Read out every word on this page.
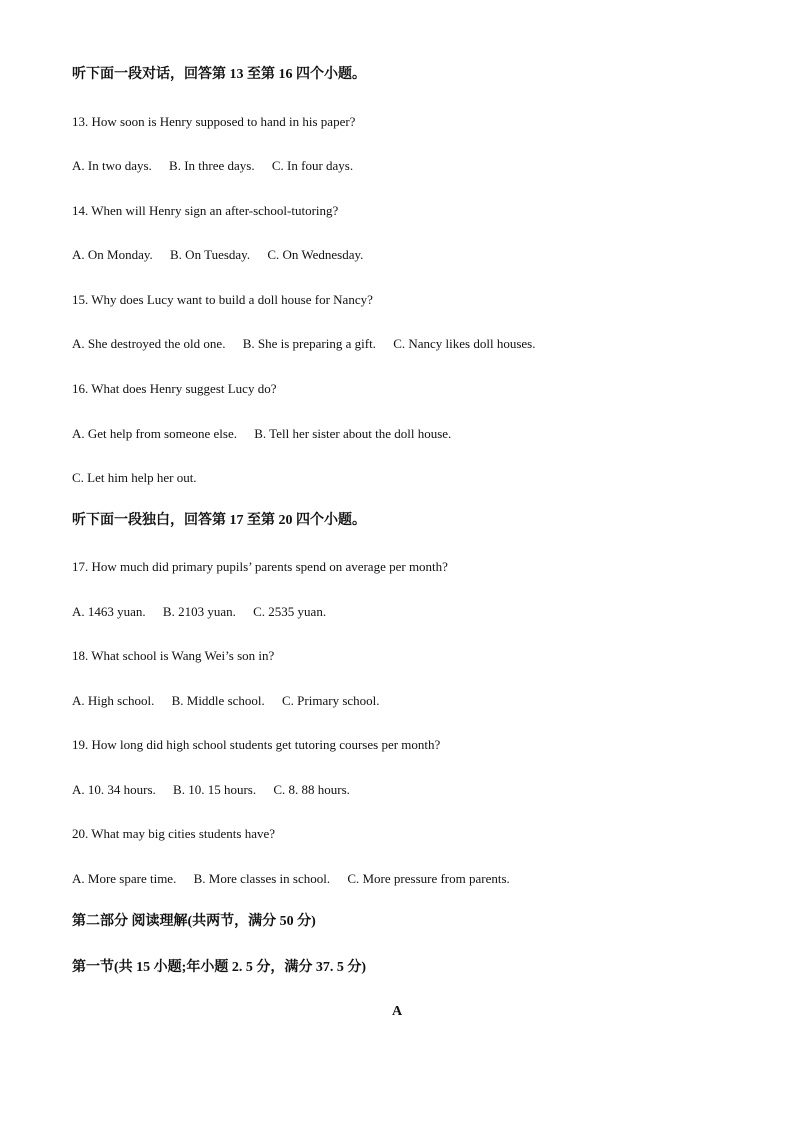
听下面一段对话，回答第 13 至第 16 四个小题。
13. How soon is Henry supposed to hand in his paper?
A. In two days. B. In three days. C. In four days.
14. When will Henry sign an after-school-tutoring?
A. On Monday. B. On Tuesday. C. On Wednesday.
15. Why does Lucy want to build a doll house for Nancy?
A. She destroyed the old one. B. She is preparing a gift. C. Nancy likes doll houses.
16. What does Henry suggest Lucy do?
A. Get help from someone else. B. Tell her sister about the doll house.
C. Let him help her out.
听下面一段独白，回答第 17 至第 20 四个小题。
17. How much did primary pupils’ parents spend on average per month?
A. 1463 yuan. B. 2103 yuan. C. 2535 yuan.
18. What school is Wang Wei’s son in?
A. High school. B. Middle school. C. Primary school.
19. How long did high school students get tutoring courses per month?
A. 10. 34 hours. B. 10. 15 hours. C. 8. 88 hours.
20. What may big cities students have?
A. More spare time. B. More classes in school. C. More pressure from parents.
第二部分 阅读理解(共两节，满分 50 分)
第一节(共 15 小题;年小题 2. 5 分，满分 37. 5 分)
A
